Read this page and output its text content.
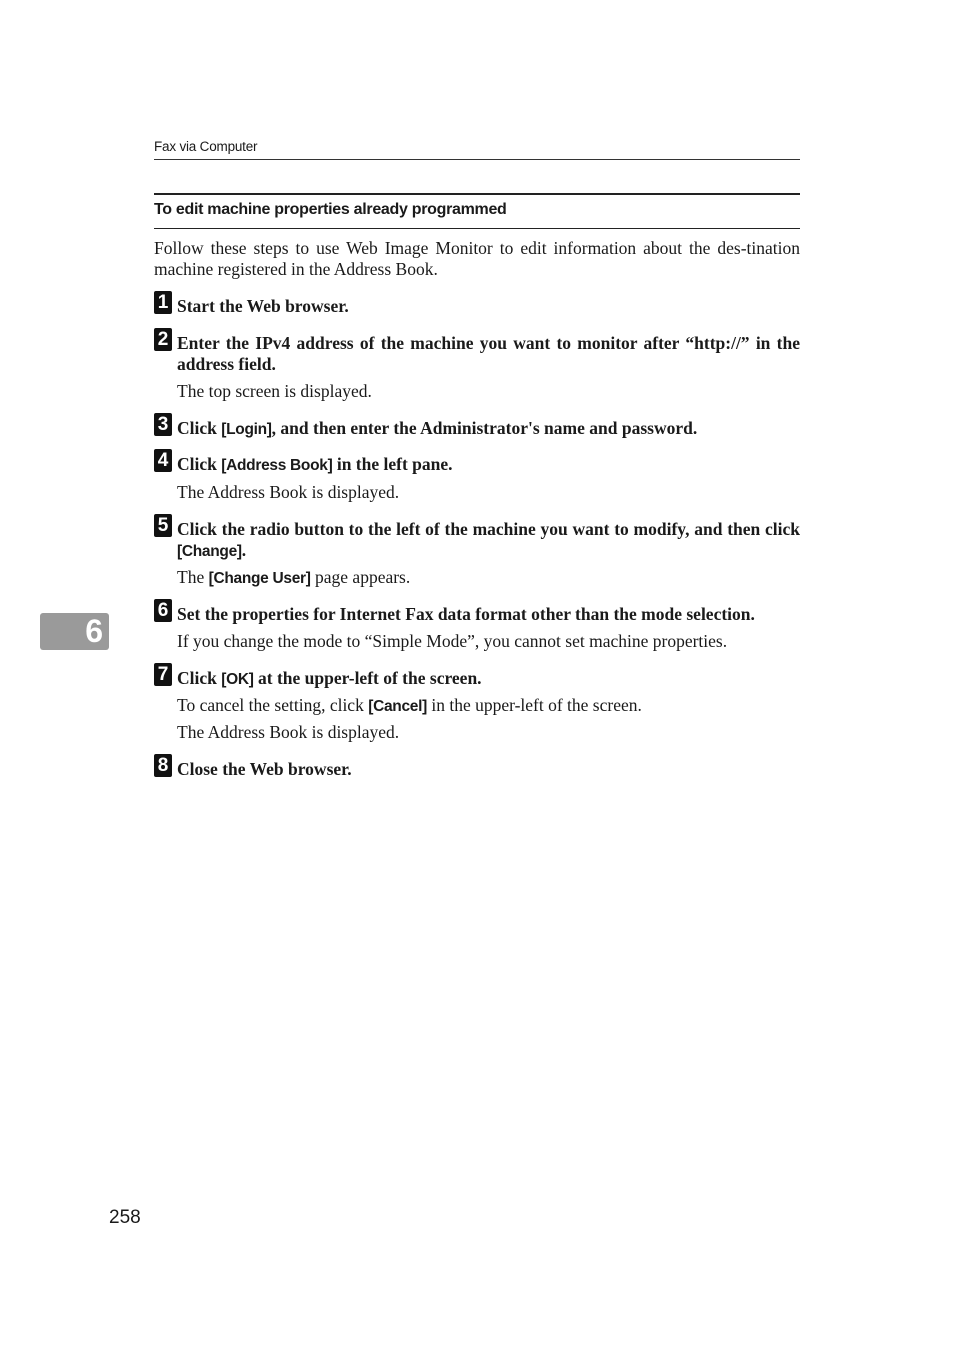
Fax via Computer
To edit machine properties already programmed
Follow these steps to use Web Image Monitor to edit information about the des-tination machine registered in the Address Book.
1 Start the Web browser.
2 Enter the IPv4 address of the machine you want to monitor after “http://” in the address field.
The top screen is displayed.
3 Click [Login], and then enter the Administrator's name and password.
4 Click [Address Book] in the left pane.
The Address Book is displayed.
5 Click the radio button to the left of the machine you want to modify, and then click [Change].
The [Change User] page appears.
6 Set the properties for Internet Fax data format other than the mode selection.
If you change the mode to “Simple Mode”, you cannot set machine properties.
7 Click [OK] at the upper-left of the screen.
To cancel the setting, click [Cancel] in the upper-left of the screen.
The Address Book is displayed.
8 Close the Web browser.
6
258
